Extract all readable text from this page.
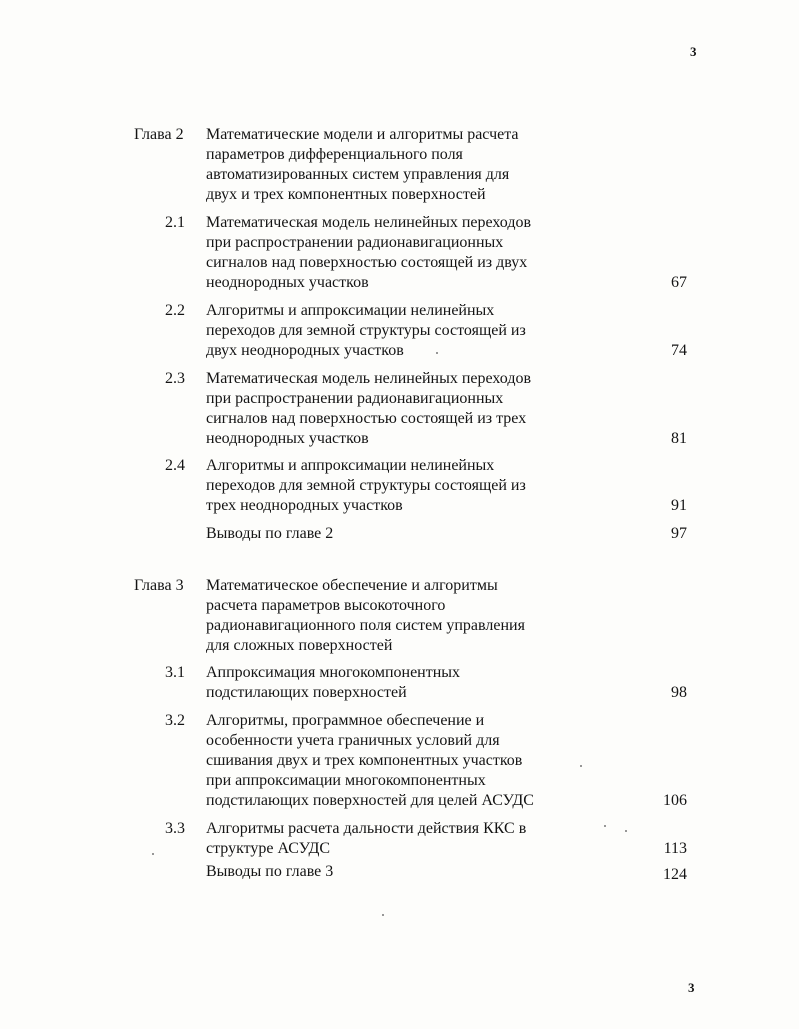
3
Глава 2	Математические модели и алгоритмы расчета
параметров дифференциального поля
автоматизированных систем управления для
двух и трех компонентных поверхностей
2.1	Математическая модель нелинейных переходов
при распространении радионавигационных
сигналов над поверхностью состоящей из двух
неоднородных участков	67
2.2	Алгоритмы и аппроксимации нелинейных
переходов для земной структуры состоящей из
двух неоднородных участков	74
2.3	Математическая модель нелинейных переходов
при распространении радионавигационных
сигналов над поверхностью состоящей из трех
неоднородных участков	81
2.4	Алгоритмы и аппроксимации нелинейных
переходов для земной структуры состоящей из
трех неоднородных участков	91
Выводы по главе 2	97
Глава 3	Математическое обеспечение и алгоритмы
расчета параметров высокоточного
радионавигационного поля систем управления
для сложных поверхностей
3.1	Аппроксимация многокомпонентных
подстилающих поверхностей	98
3.2	Алгоритмы, программное обеспечение и
особенности учета граничных условий для
сшивания двух и трех компонентных участков
при аппроксимации многокомпонентных
подстилающих поверхностей для целей АСУДС	106
3.3	Алгоритмы расчета дальности действия ККС в
структуре АСУДС	113
Выводы по главе 3	124
3
